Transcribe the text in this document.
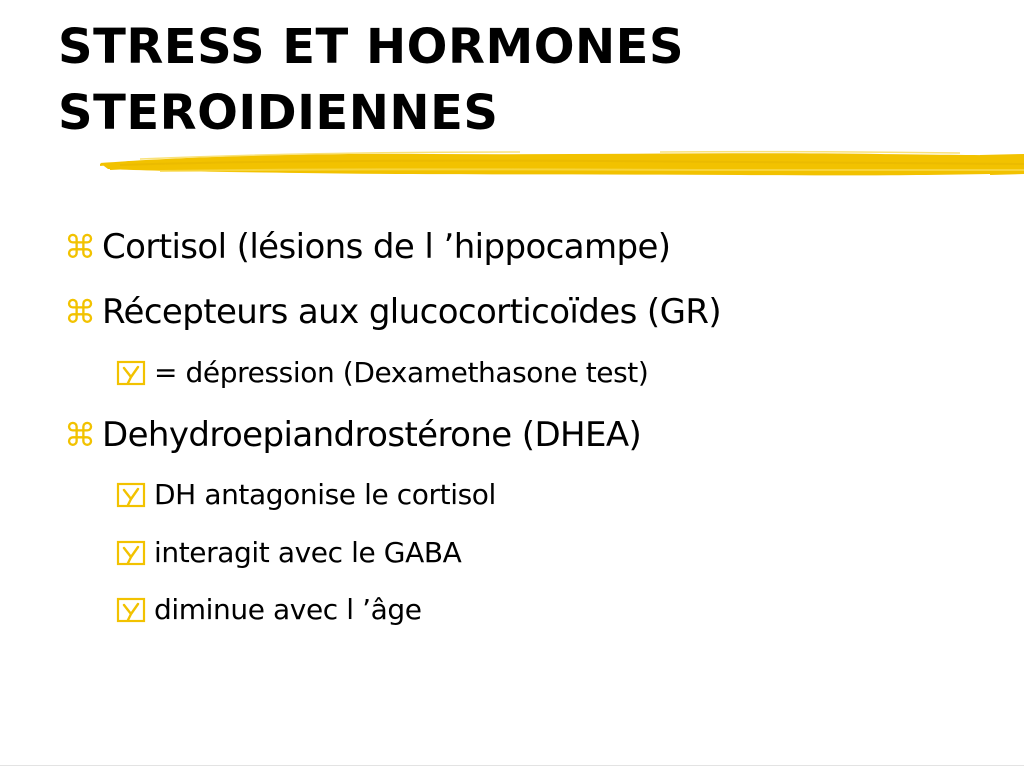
STRESS ET HORMONES
STEROIDIENNES
⌘ Cortisol (lésions de l ’hippocampe)
⌘ Récepteurs aux glucocorticoïdes (GR)
= dépression (Dexamethasone test)
⌘ Dehydroepiandrostérone (DHEA)
DH antagonise le cortisol
interagit avec le GABA
diminue avec l ’âge
